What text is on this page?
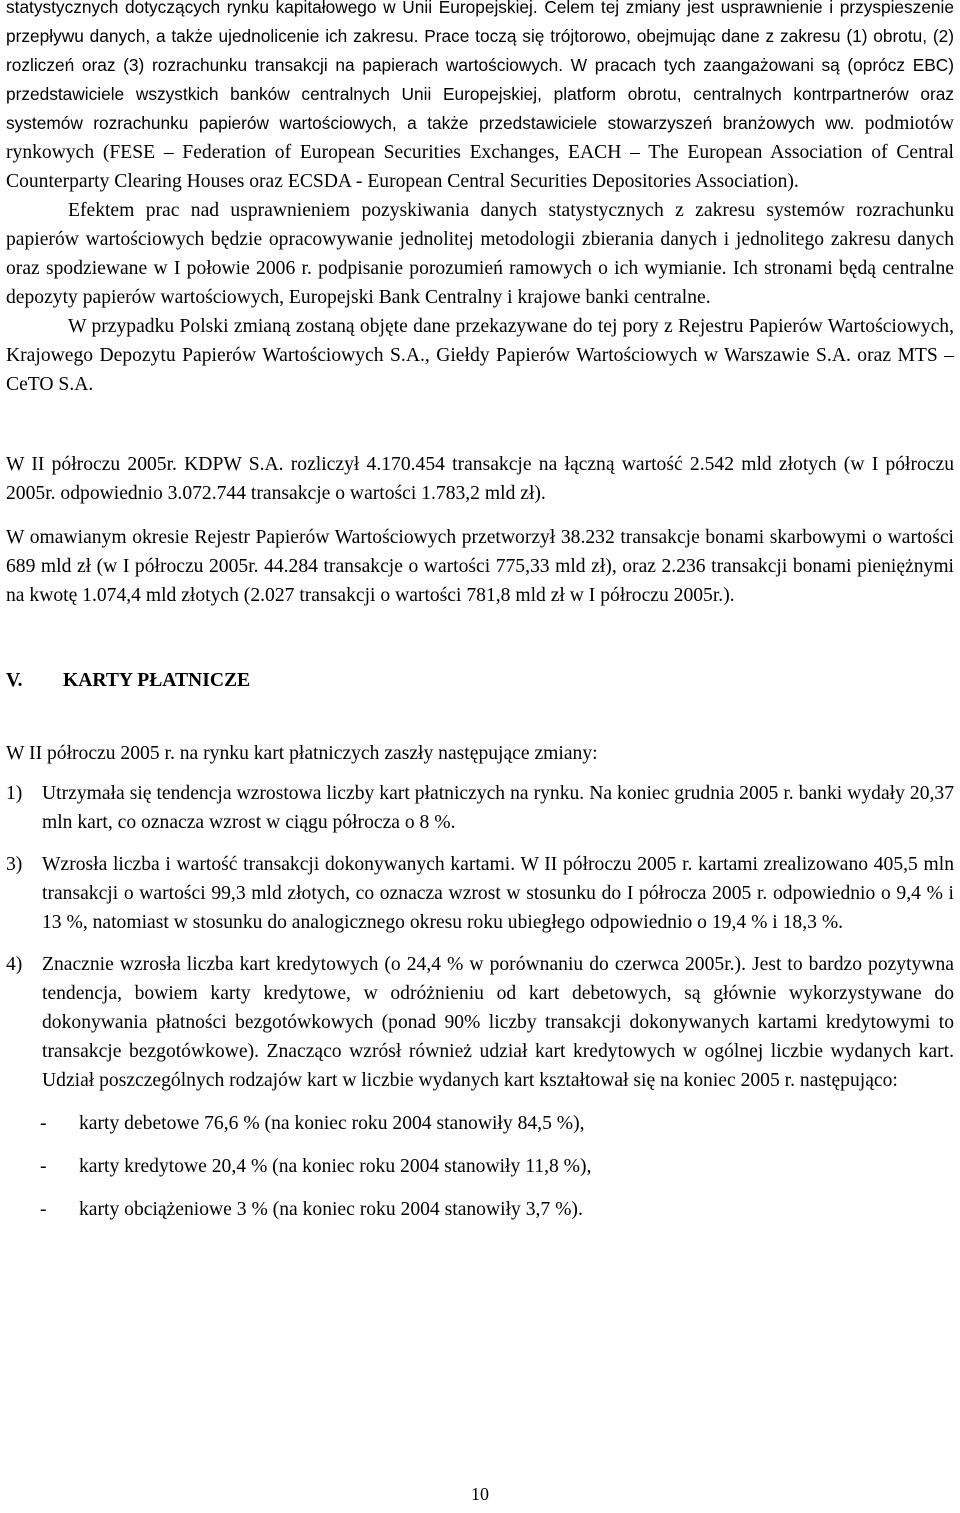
statystycznych dotyczących rynku kapitałowego w Unii Europejskiej. Celem tej zmiany jest usprawnienie i przyspieszenie przepływu danych, a także ujednolicenie ich zakresu. Prace toczą się trójtorowo, obejmując dane z zakresu (1) obrotu, (2) rozliczeń oraz (3) rozrachunku transakcji na papierach wartościowych. W pracach tych zaangażowani są (oprócz EBC) przedstawiciele wszystkich banków centralnych Unii Europejskiej, platform obrotu, centralnych kontrpartnerów oraz systemów rozrachunku papierów wartościowych, a także przedstawiciele stowarzyszeń branżowych ww. podmiotów rynkowych (FESE – Federation of European Securities Exchanges, EACH – The European Association of Central Counterparty Clearing Houses oraz ECSDA - European Central Securities Depositories Association).

Efektem prac nad usprawnieniem pozyskiwania danych statystycznych z zakresu systemów rozrachunku papierów wartościowych będzie opracowywanie jednolitej metodologii zbierania danych i jednolitego zakresu danych oraz spodziewane w I połowie 2006 r. podpisanie porozumień ramowych o ich wymianie. Ich stronami będą centralne depozyty papierów wartościowych, Europejski Bank Centralny i krajowe banki centralne.

W przypadku Polski zmianą zostaną objęte dane przekazywane do tej pory z Rejestru Papierów Wartościowych, Krajowego Depozytu Papierów Wartościowych S.A., Giełdy Papierów Wartościowych w Warszawie S.A. oraz MTS – CeTO S.A.

W II półroczu 2005r. KDPW S.A. rozliczył 4.170.454 transakcje na łączną wartość 2.542 mld złotych (w I półroczu 2005r. odpowiednio 3.072.744 transakcje o wartości 1.783,2 mld zł).

W omawianym okresie Rejestr Papierów Wartościowych przetworzył 38.232 transakcje bonami skarbowymi o wartości 689 mld zł (w I półroczu 2005r. 44.284 transakcje o wartości 775,33 mld zł), oraz 2.236 transakcji bonami pieniężnymi na kwotę 1.074,4 mld złotych (2.027 transakcji o wartości 781,8 mld zł w I półroczu 2005r.).

V. KARTY PŁATNICZE

W II półroczu 2005 r. na rynku kart płatniczych zaszły następujące zmiany:

1) Utrzymała się tendencja wzrostowa liczby kart płatniczych na rynku. Na koniec grudnia 2005 r. banki wydały 20,37 mln kart, co oznacza wzrost w ciągu półrocza o 8 %.

3) Wzrosła liczba i wartość transakcji dokonywanych kartami. W II półroczu 2005 r. kartami zrealizowano 405,5 mln transakcji o wartości 99,3 mld złotych, co oznacza wzrost w stosunku do I półrocza 2005 r. odpowiednio o 9,4 % i 13 %, natomiast w stosunku do analogicznego okresu roku ubiegłego odpowiednio o 19,4 % i 18,3 %.

4) Znacznie wzrosła liczba kart kredytowych (o 24,4 % w porównaniu do czerwca 2005r.). Jest to bardzo pozytywna tendencja, bowiem karty kredytowe, w odróżnieniu od kart debetowych, są głównie wykorzystywane do dokonywania płatności bezgotówkowych (ponad 90% liczby transakcji dokonywanych kartami kredytowymi to transakcje bezgotówkowe). Znacząco wzrósł również udział kart kredytowych w ogólnej liczbie wydanych kart. Udział poszczególnych rodzajów kart w liczbie wydanych kart kształtował się na koniec 2005 r. następująco:

- karty debetowe 76,6 % (na koniec roku 2004 stanowiły 84,5 %),
- karty kredytowe 20,4 % (na koniec roku 2004 stanowiły 11,8 %),
- karty obciążeniowe 3 % (na koniec roku 2004 stanowiły 3,7 %).
10
